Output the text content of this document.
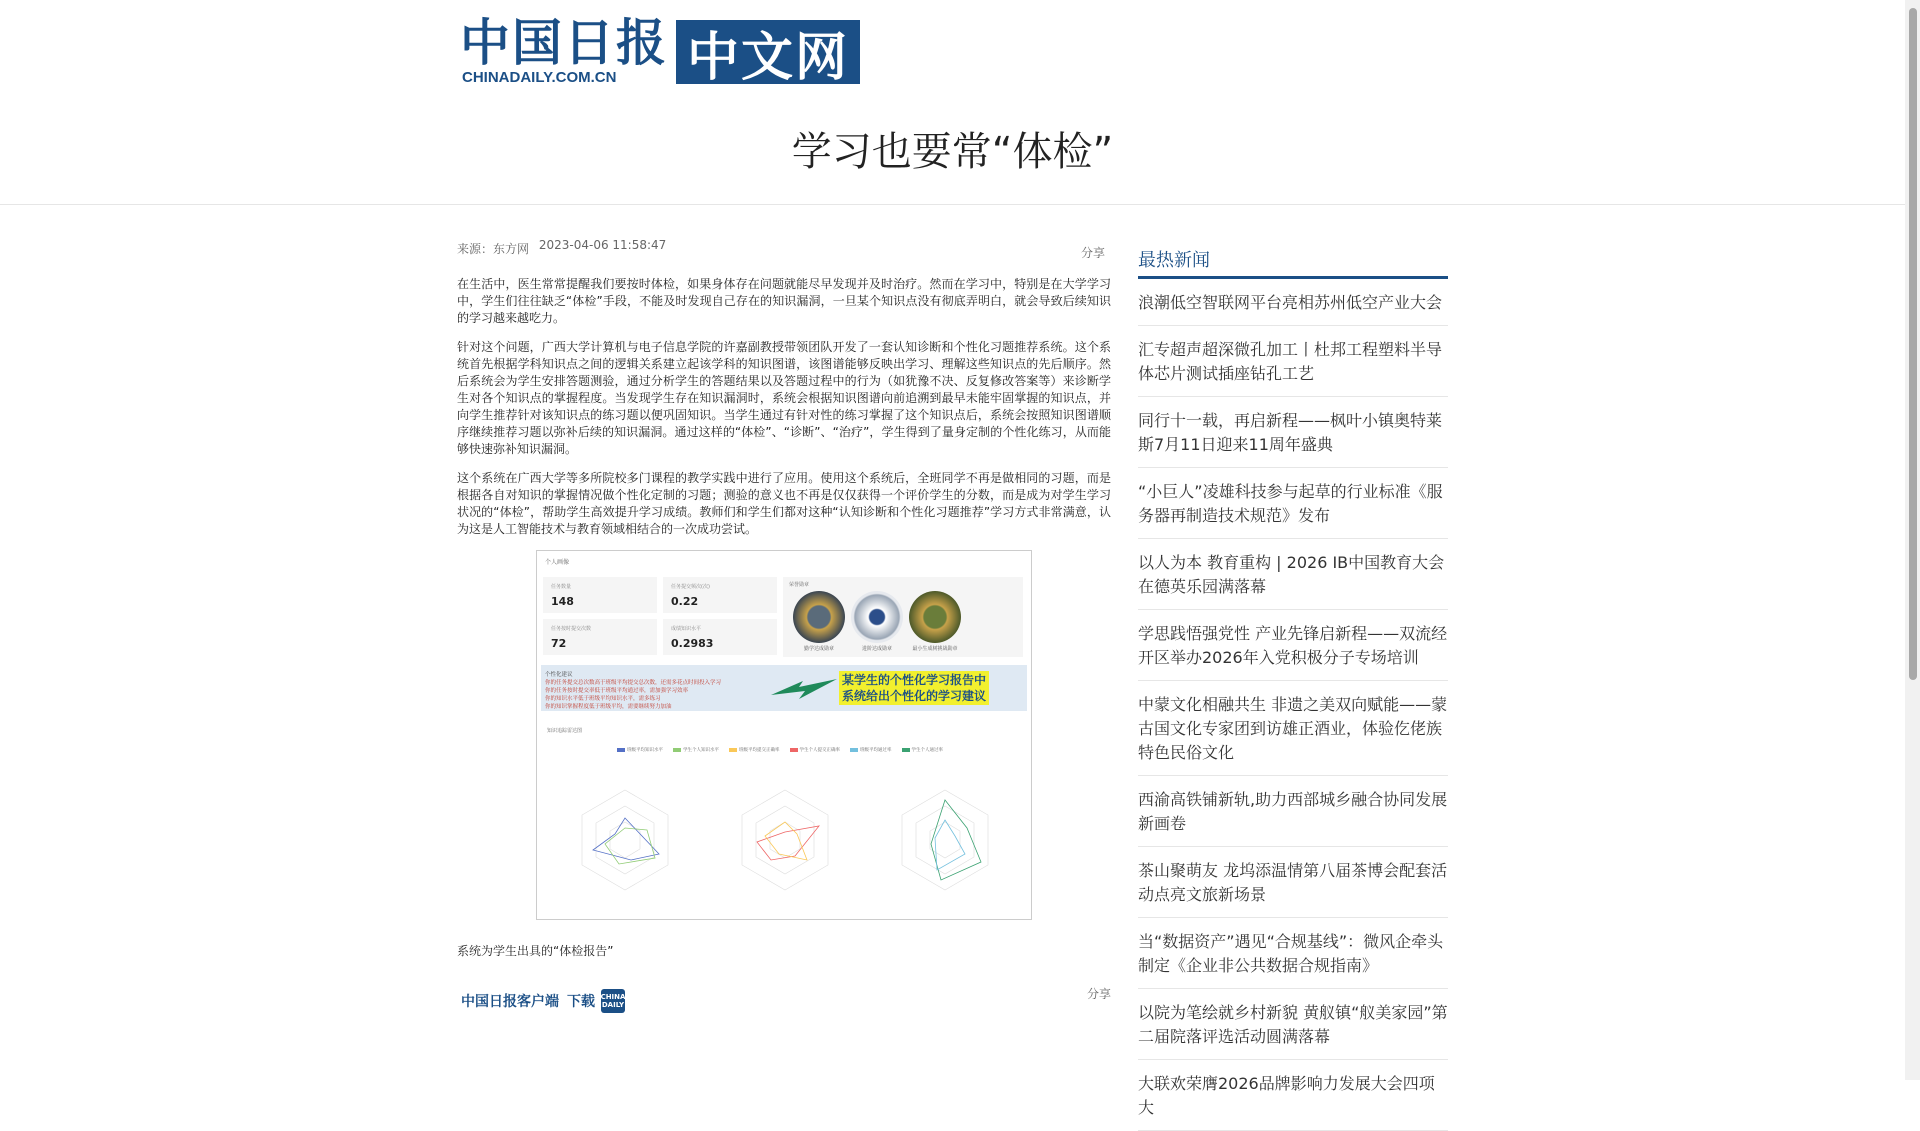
中国日报
CHINADAILY.COM.CN	中文网
学习也要常“体检”
来源：东方网 2023-04-06 11:58:47
分享

在生活中，医生常常提醒我们要按时体检，如果身体存在问题就能尽早发现并及时治疗。然而在学习中，特别是在大学学习中，学生们往往缺乏“体检”手段，不能及时发现自己存在的知识漏洞，一旦某个知识点没有彻底弄明白，就会导致后续知识的学习越来越吃力。

针对这个问题，广西大学计算机与电子信息学院的许嘉副教授带领团队开发了一套认知诊断和个性化习题推荐系统。这个系统首先根据学科知识点之间的逻辑关系建立起该学科的知识图谱，该图谱能够反映出学习、理解这些知识点的先后顺序。然后系统会为学生安排答题测验，通过分析学生的答题结果以及答题过程中的行为（如犹豫不决、反复修改答案等）来诊断学生对各个知识点的掌握程度。当发现学生存在知识漏洞时，系统会根据知识图谱向前追溯到最早未能牢固掌握的知识点，并向学生推荐针对该知识点的练习题以便巩固知识。当学生通过有针对性的练习掌握了这个知识点后，系统会按照知识图谱顺序继续推荐习题以弥补后续的知识漏洞。通过这样的“体检”、“诊断”、“治疗”，学生得到了量身定制的个性化练习，从而能够快速弥补知识漏洞。

这个系统在广西大学等多所院校多门课程的教学实践中进行了应用。使用这个系统后，全班同学不再是做相同的习题，而是根据各自对知识的掌握情况做个性化定制的习题；测验的意义也不再是仅仅获得一个评价学生的分数，而是成为对学生学习状况的“体检”，帮助学生高效提升学习成绩。教师们和学生们都对这种“认知诊断和个性化习题推荐”学习方式非常满意，认为这是人工智能技术与教育领域相结合的一次成功尝试。

个人画像
任务数量
148
任务提交频次(次)
0.22
任务按时提交次数
72
成绩知识水平
0.2983
荣誉勋章
勤学达成勋章	进阶达成勋章	最小生成树挑战勋章
个性化建议
你的任务提交总次数高于班级平均提交总次数，还需多花点时间投入学习
你的任务按时提交率低于班级平均通过率，需加强学习效率
你的知识水平低于班级平均知识水平，需多练习
你的知识掌握程度低于班级平均，需要继续努力加油
某学生的个性化学习报告中
系统给出个性化的学习建议
知识追踪雷达图
班级平均知识水平	学生个人知识水平	班级平均提交正确率	学生个人提交正确率	班级平均通过率	学生个人通过率
系统为学生出具的“体检报告”
中国日报客户端 下载 CHINA DAILY
分享
最热新闻
浪潮低空智联网平台亮相苏州低空产业大会
汇专超声超深微孔加工丨杜邦工程塑料半导体芯片测试插座钻孔工艺
同行十一载，再启新程——枫叶小镇奥特莱斯7月11日迎来11周年盛典
“小巨人”凌雄科技参与起草的行业标准《服务器再制造技术规范》发布
以人为本 教育重构 | 2026 IB中国教育大会在德英乐园满落幕
学思践悟强党性 产业先锋启新程——双流经开区举办2026年入党积极分子专场培训
中蒙文化相融共生 非遗之美双向赋能——蒙古国文化专家团到访雄正酒业，体验仡佬族特色民俗文化
西渝高铁铺新轨,助力西部城乡融合协同发展新画卷
茶山聚萌友 龙坞添温情第八届茶博会配套活动点亮文旅新场景
当“数据资产”遇见“合规基线”：微风企牵头制定《企业非公共数据合规指南》
以院为笔绘就乡村新貌 黄舣镇“舣美家园”第二届院落评选活动圆满落幕
大联欢荣膺2026品牌影响力发展大会四项大
